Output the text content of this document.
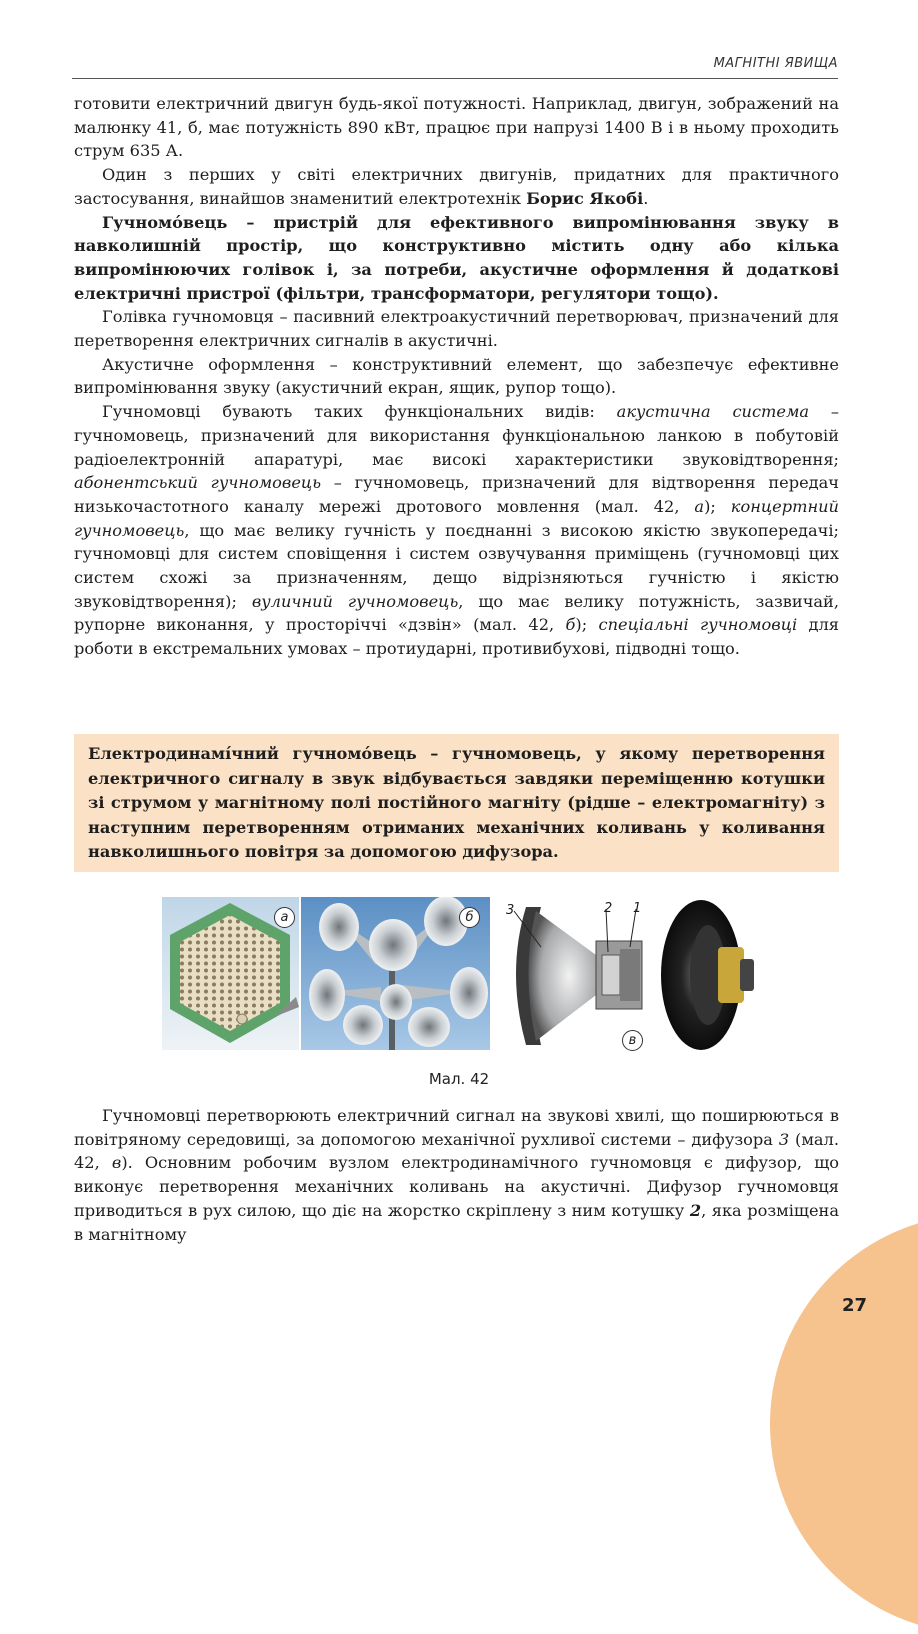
МАГНІТНІ ЯВИЩА

готовити електричний двигун будь-якої потужності. Наприклад, двигун, зображений на малюнку 41, б, має потужність 890 кВт, працює при напрузі 1400 В і в ньому проходить струм 635 А.

Один з перших у світі електричних двигунів, придатних для практичного застосування, винайшов знаменитий електротехнік Борис Якобі.

Гучномо́вець – пристрій для ефективного випромінювання звуку в навколишній простір, що конструктивно містить одну або кілька випромінюючих голівок і, за потреби, акустичне оформлення й додаткові електричні пристрої (фільтри, трансформатори, регулятори тощо).

Голівка гучномовця – пасивний електроакустичний перетворювач, призначений для перетворення електричних сигналів в акустичні.

Акустичне оформлення – конструктивний елемент, що забезпечує ефективне випромінювання звуку (акустичний екран, ящик, рупор тощо).

Гучномовці бувають таких функціональних видів: акустична система – гучномовець, призначений для використання функціональною ланкою в побутовій радіоелектронній апаратурі, має високі характеристики звуковідтворення; абонентський гучномовець – гучномовець, призначений для відтворення передач низькочастотного каналу мережі дротового мовлення (мал. 42, а); концертний гучномовець, що має велику гучність у поєднанні з високою якістю звукопередачі; гучномовці для систем сповіщення і систем озвучування приміщень (гучномовці цих систем схожі за призначенням, дещо відрізняються гучністю і якістю звуковідтворення); вуличний гучномовець, що має велику потужність, зазвичай, рупорне виконання, у просторіччі «дзвін» (мал. 42, б); спеціальні гучномовці для роботи в екстремальних умовах – протиударні, противибухові, підводні тощо.

Електродинамі́чний гучномо́вець – гучномовець, у якому перетворення електричного сигналу в звук відбувається завдяки переміщенню котушки зі струмом у магнітному полі постійного магніту (рідше – електромагніту) з наступним перетворенням отриманих механічних коливань у коливання навколишнього повітря за допомогою дифузора.

а	б	3	2 1
в
Мал. 42

Гучномовці перетворюють електричний сигнал на звукові хвилі, що поширюються в повітряному середовищі, за допомогою механічної рухливої системи – дифузора 3 (мал. 42, в). Основним робочим вузлом електродинамічного гучномовця є дифузор, що виконує перетворення механічних коливань на акустичні. Дифузор гучномовця приводиться в рух силою, що діє на жорстко скріплену з ним котушку 2, яка розміщена в магнітному

27
